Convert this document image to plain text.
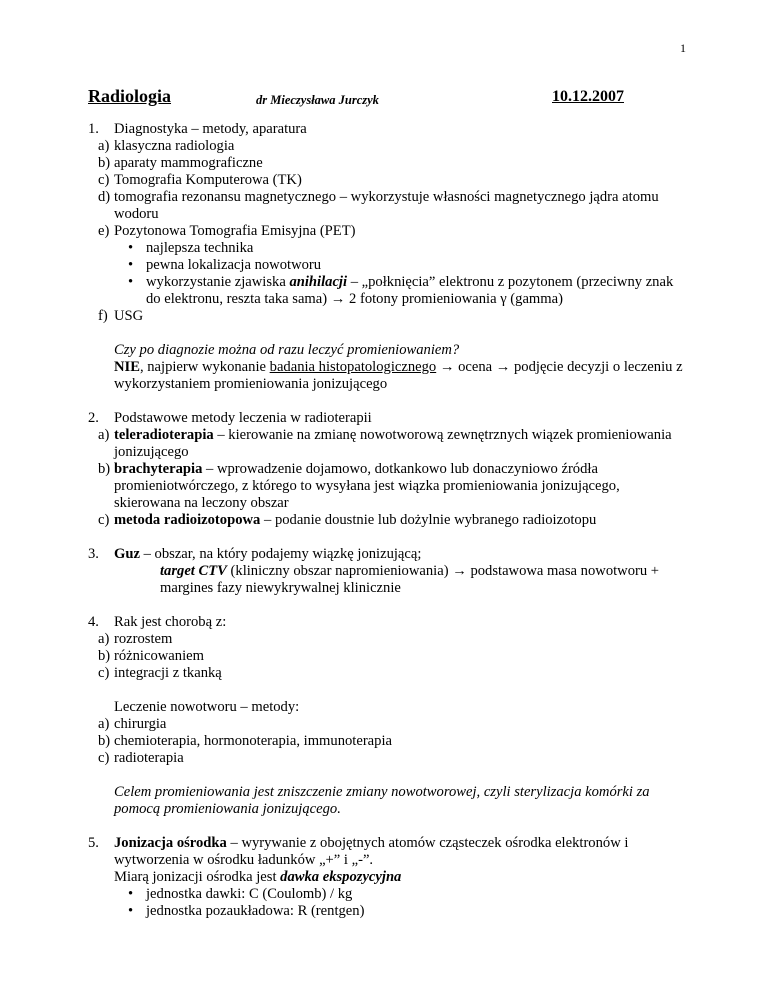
1
Radiologia	dr Mieczysława Jurczyk	10.12.2007
1. Diagnostyka – metody, aparatura
a) klasyczna radiologia
b) aparaty mammograficzne
c) Tomografia Komputerowa (TK)
d) tomografia rezonansu magnetycznego – wykorzystuje własności magnetycznego jądra atomu wodoru
e) Pozytonowa Tomografia Emisyjna (PET)
• najlepsza technika
• pewna lokalizacja nowotworu
• wykorzystanie zjawiska anihilacji – „połknięcia” elektronu z pozytonem (przeciwny znak do elektronu, reszta taka sama) → 2 fotony promieniowania γ (gamma)
f) USG
Czy po diagnozie można od razu leczyć promieniowaniem?
NIE, najpierw wykonanie badania histopatologicznego → ocena → podjęcie decyzji o leczeniu z wykorzystaniem promieniowania jonizującego
2. Podstawowe metody leczenia w radioterapii
a) teleradioterapia – kierowanie na zmianę nowotworową zewnętrznych wiązek promieniowania jonizującego
b) brachyterapia – wprowadzenie dojamowo, dotkankowo lub donaczyniowo źródła promieniotwórczego, z którego to wysyłana jest wiązka promieniowania jonizującego, skierowana na leczony obszar
c) metoda radioizotopowa – podanie doustnie lub dożylnie wybranego radioizotopu
3. Guz – obszar, na który podajemy wiązkę jonizującą;
target CTV (kliniczny obszar napromieniowania) → podstawowa masa nowotworu + margines fazy niewykrywalnej klinicznie
4. Rak jest chorobą z:
a) rozrostem
b) różnicowaniem
c) integracji z tkanką
Leczenie nowotworu – metody:
a) chirurgia
b) chemioterapia, hormonoterapia, immunoterapia
c) radioterapia
Celem promieniowania jest zniszczenie zmiany nowotworowej, czyli sterylizacja komórki za pomocą promieniowania jonizującego.
5.	Jonizacja ośrodka – wyrywanie z obojętnych atomów cząsteczek ośrodka elektronów i wytworzenia w ośrodku ładunków „+” i „-”.
Miarą jonizacji ośrodka jest dawka ekspozycyjna
• jednostka dawki: C (Coulomb) / kg
• jednostka pozaukładowa: R (rentgen)
